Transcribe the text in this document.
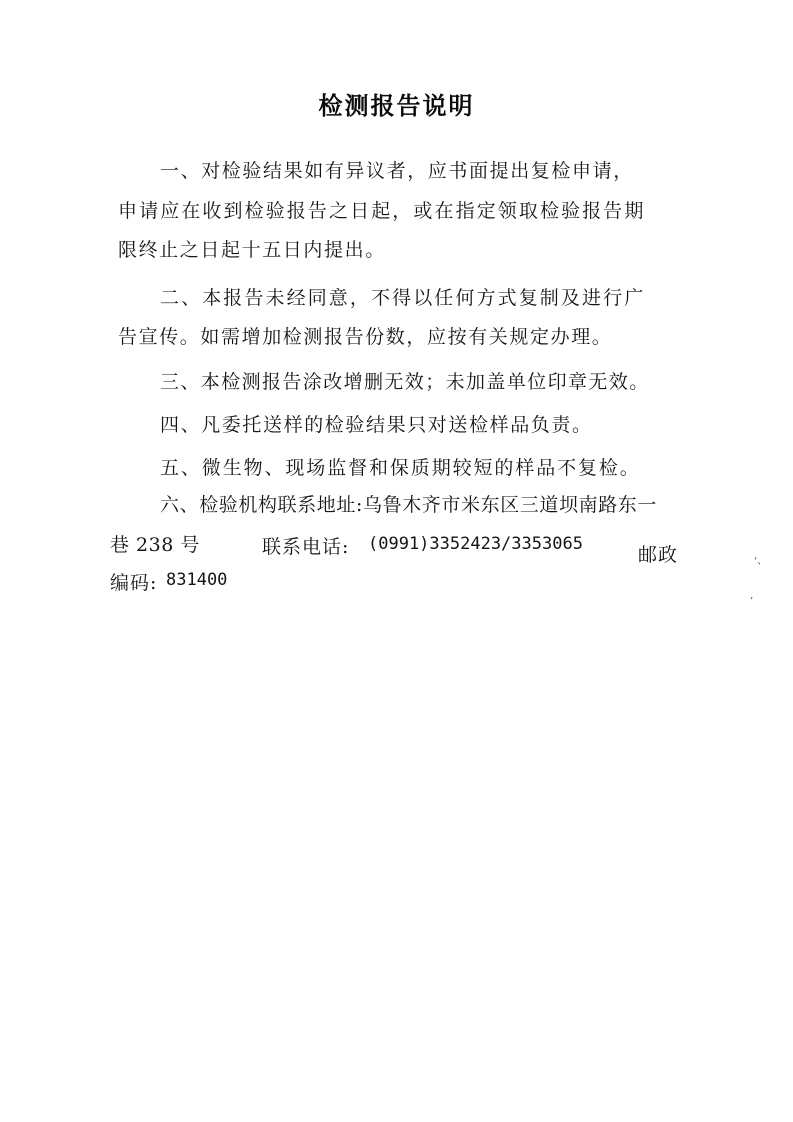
检测报告说明
一、对检验结果如有异议者，应书面提出复检申请，
申请应在收到检验报告之日起，或在指定领取检验报告期
限终止之日起十五日内提出。
二、本报告未经同意，不得以任何方式复制及进行广
告宣传。如需增加检测报告份数，应按有关规定办理。
三、本检测报告涂改增删无效；未加盖单位印章无效。
四、凡委托送样的检验结果只对送检样品负责。
五、微生物、现场监督和保质期较短的样品不复检。
六、检验机构联系地址:乌鲁木齐市米东区三道坝南路东一
巷 238 号	联系电话: (0991)3352423/3353065	邮政
编码: 831400
‘、
’
